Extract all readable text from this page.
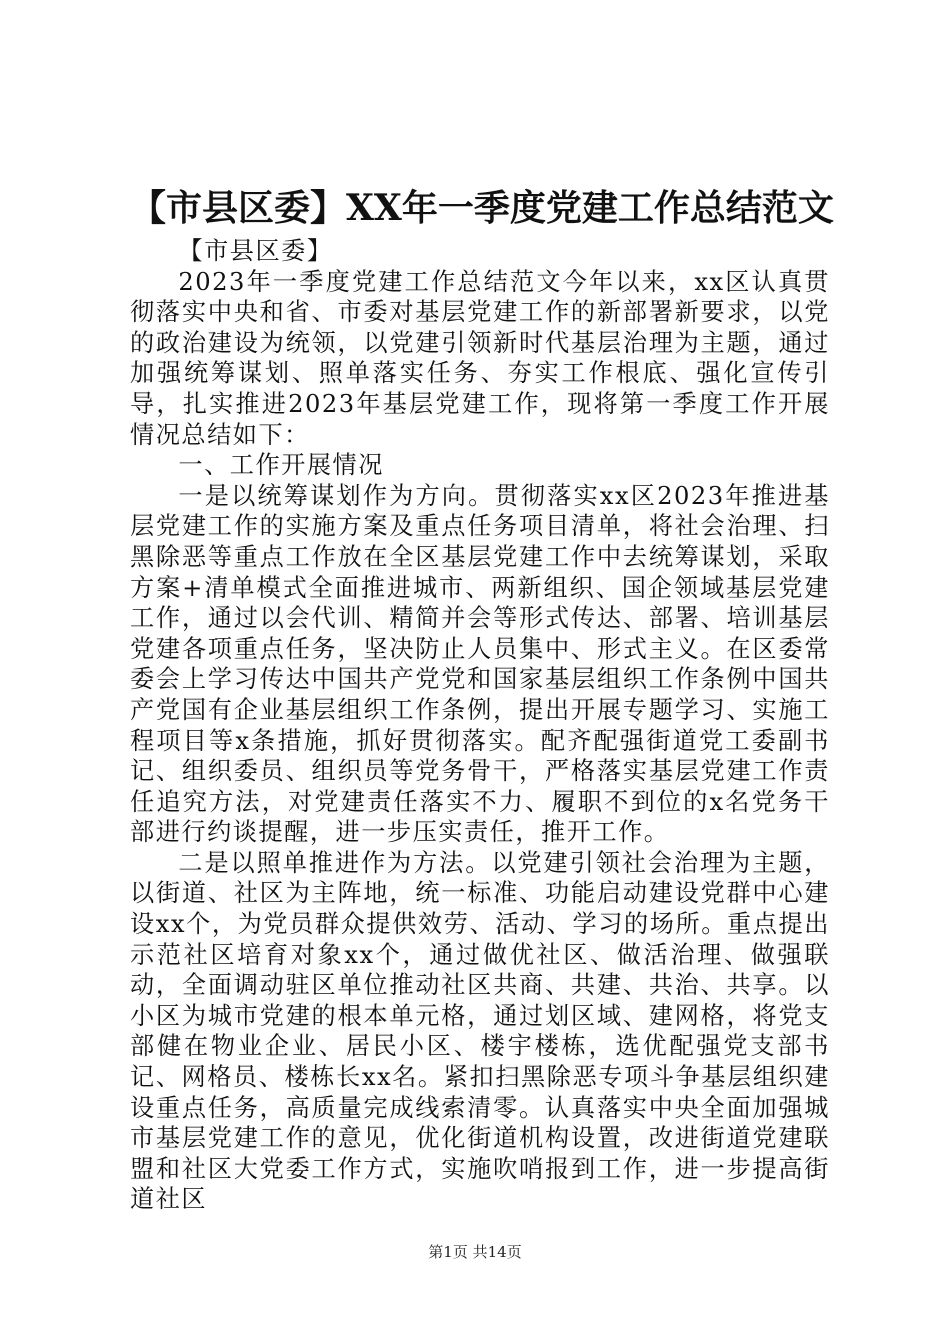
【市县区委】XX年一季度党建工作总结范文

【市县区委】

2023年一季度党建工作总结范文今年以来，xx区认真贯彻落实中央和省、市委对基层党建工作的新部署新要求，以党的政治建设为统领，以党建引领新时代基层治理为主题，通过加强统筹谋划、照单落实任务、夯实工作根底、强化宣传引导，扎实推进2023年基层党建工作，现将第一季度工作开展情况总结如下：

一、工作开展情况

一是以统筹谋划作为方向。贯彻落实xx区2023年推进基层党建工作的实施方案及重点任务项目清单，将社会治理、扫黑除恶等重点工作放在全区基层党建工作中去统筹谋划，采取方案+清单模式全面推进城市、两新组织、国企领域基层党建工作，通过以会代训、精简并会等形式传达、部署、培训基层党建各项重点任务，坚决防止人员集中、形式主义。在区委常委会上学习传达中国共产党党和国家基层组织工作条例中国共产党国有企业基层组织工作条例，提出开展专题学习、实施工程项目等x条措施，抓好贯彻落实。配齐配强街道党工委副书记、组织委员、组织员等党务骨干，严格落实基层党建工作责任追究方法，对党建责任落实不力、履职不到位的x名党务干部进行约谈提醒，进一步压实责任，推开工作。

二是以照单推进作为方法。以党建引领社会治理为主题，以街道、社区为主阵地，统一标准、功能启动建设党群中心建设xx个，为党员群众提供效劳、活动、学习的场所。重点提出示范社区培育对象xx个，通过做优社区、做活治理、做强联动，全面调动驻区单位推动社区共商、共建、共治、共享。以小区为城市党建的根本单元格，通过划区域、建网格，将党支部健在物业企业、居民小区、楼宇楼栋，选优配强党支部书记、网格员、楼栋长xx名。紧扣扫黑除恶专项斗争基层组织建设重点任务，高质量完成线索清零。认真落实中央全面加强城市基层党建工作的意见，优化街道机构设置，改进街道党建联盟和社区大党委工作方式，实施吹哨报到工作，进一步提高街道社区

第1页 共14页
